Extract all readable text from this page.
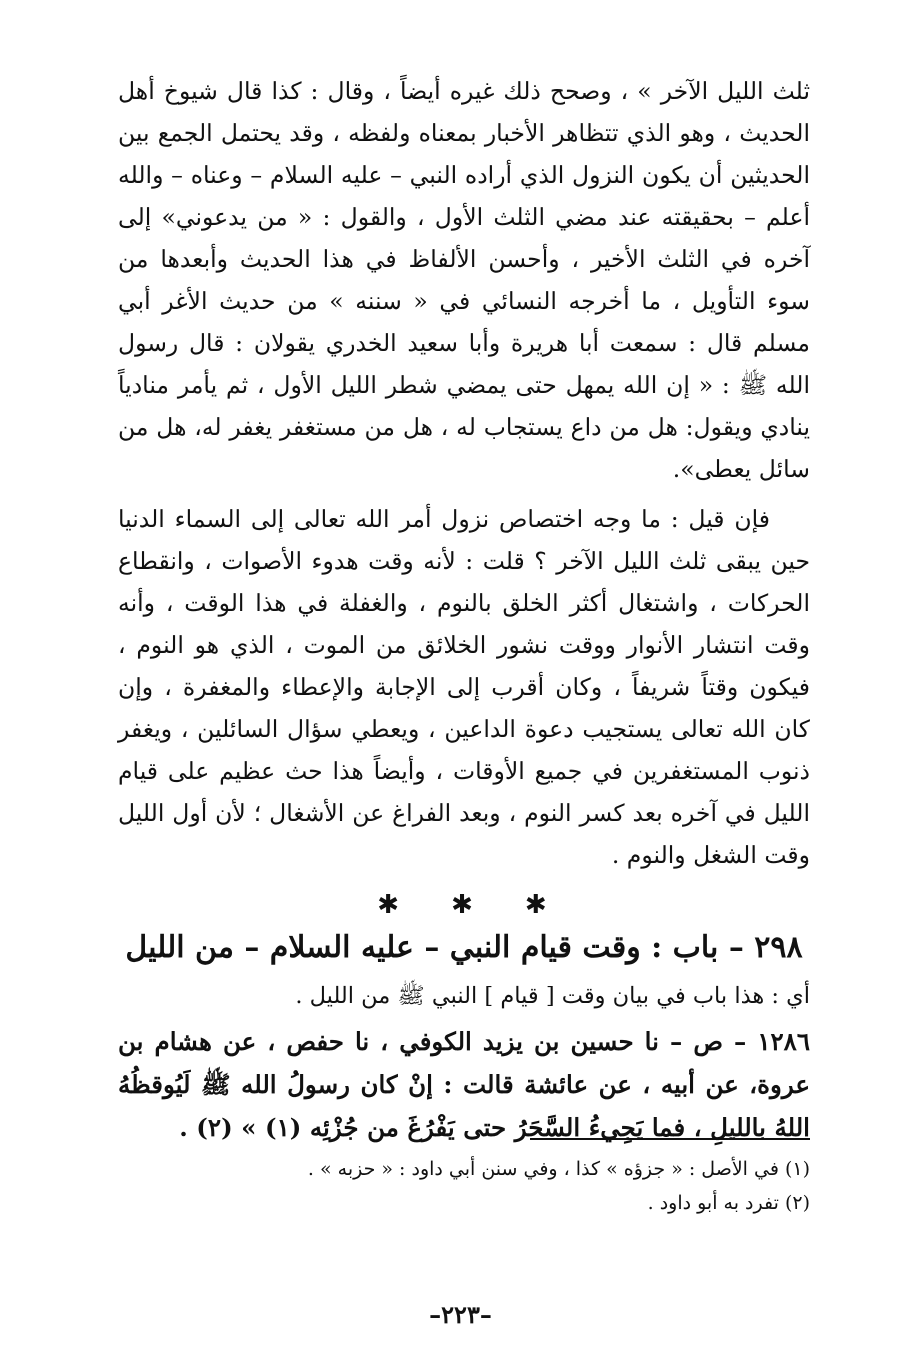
ثلث الليل الآخر » ، وصحح ذلك غيره أيضاً ، وقال : كذا قال شيوخ أهل الحديث ، وهو الذي تتظاهر الأخبار بمعناه ولفظه ، وقد يحتمل الجمع بين الحديثين أن يكون النزول الذي أراده النبي – عليه السلام – وعناه – والله أعلم – بحقيقته عند مضي الثلث الأول ، والقول : « من يدعوني» إلى آخره في الثلث الأخير ، وأحسن الألفاظ في هذا الحديث وأبعدها من سوء التأويل ، ما أخرجه النسائي في « سننه » من حديث الأغر أبي مسلم قال : سمعت أبا هريرة وأبا سعيد الخدري يقولان : قال رسول الله ﷺ : « إن الله يمهل حتى يمضي شطر الليل الأول ، ثم يأمر منادياً ينادي ويقول: هل من داع يستجاب له ، هل من مستغفر يغفر له، هل من سائل يعطى».

فإن قيل : ما وجه اختصاص نزول أمر الله تعالى إلى السماء الدنيا حين يبقى ثلث الليل الآخر ؟ قلت : لأنه وقت هدوء الأصوات ، وانقطاع الحركات ، واشتغال أكثر الخلق بالنوم ، والغفلة في هذا الوقت ، وأنه وقت انتشار الأنوار ووقت نشور الخلائق من الموت ، الذي هو النوم ، فيكون وقتاً شريفاً ، وكان أقرب إلى الإجابة والإعطاء والمغفرة ، وإن كان الله تعالى يستجيب دعوة الداعين ، ويعطي سؤال السائلين ، ويغفر ذنوب المستغفرين في جميع الأوقات ، وأيضاً هذا حث عظيم على قيام الليل في آخره بعد كسر النوم ، وبعد الفراغ عن الأشغال ؛ لأن أول الليل وقت الشغل والنوم .

✱✱✱
٢٩٨ – باب : وقت قيام النبي – عليه السلام – من الليل

أي : هذا باب في بيان وقت [ قيام ] النبي ﷺ من الليل .

١٢٨٦ – ص – نا حسين بن يزيد الكوفي ، نا حفص ، عن هشام بن عروة، عن أبيه ، عن عائشة قالت : إنْ كان رسولُ الله ﷺ لَيُوقظُهُ اللهُ بالليلِ ، فما يَجِيءُ السَّحَرُ حتى يَفْرُغَ من جُزْئِه (١) » (٢) .

(١) في الأصل : « جزؤه » كذا ، وفي سنن أبي داود : « حزبه » .

(٢) تفرد به أبو داود .

–٢٢٣–
